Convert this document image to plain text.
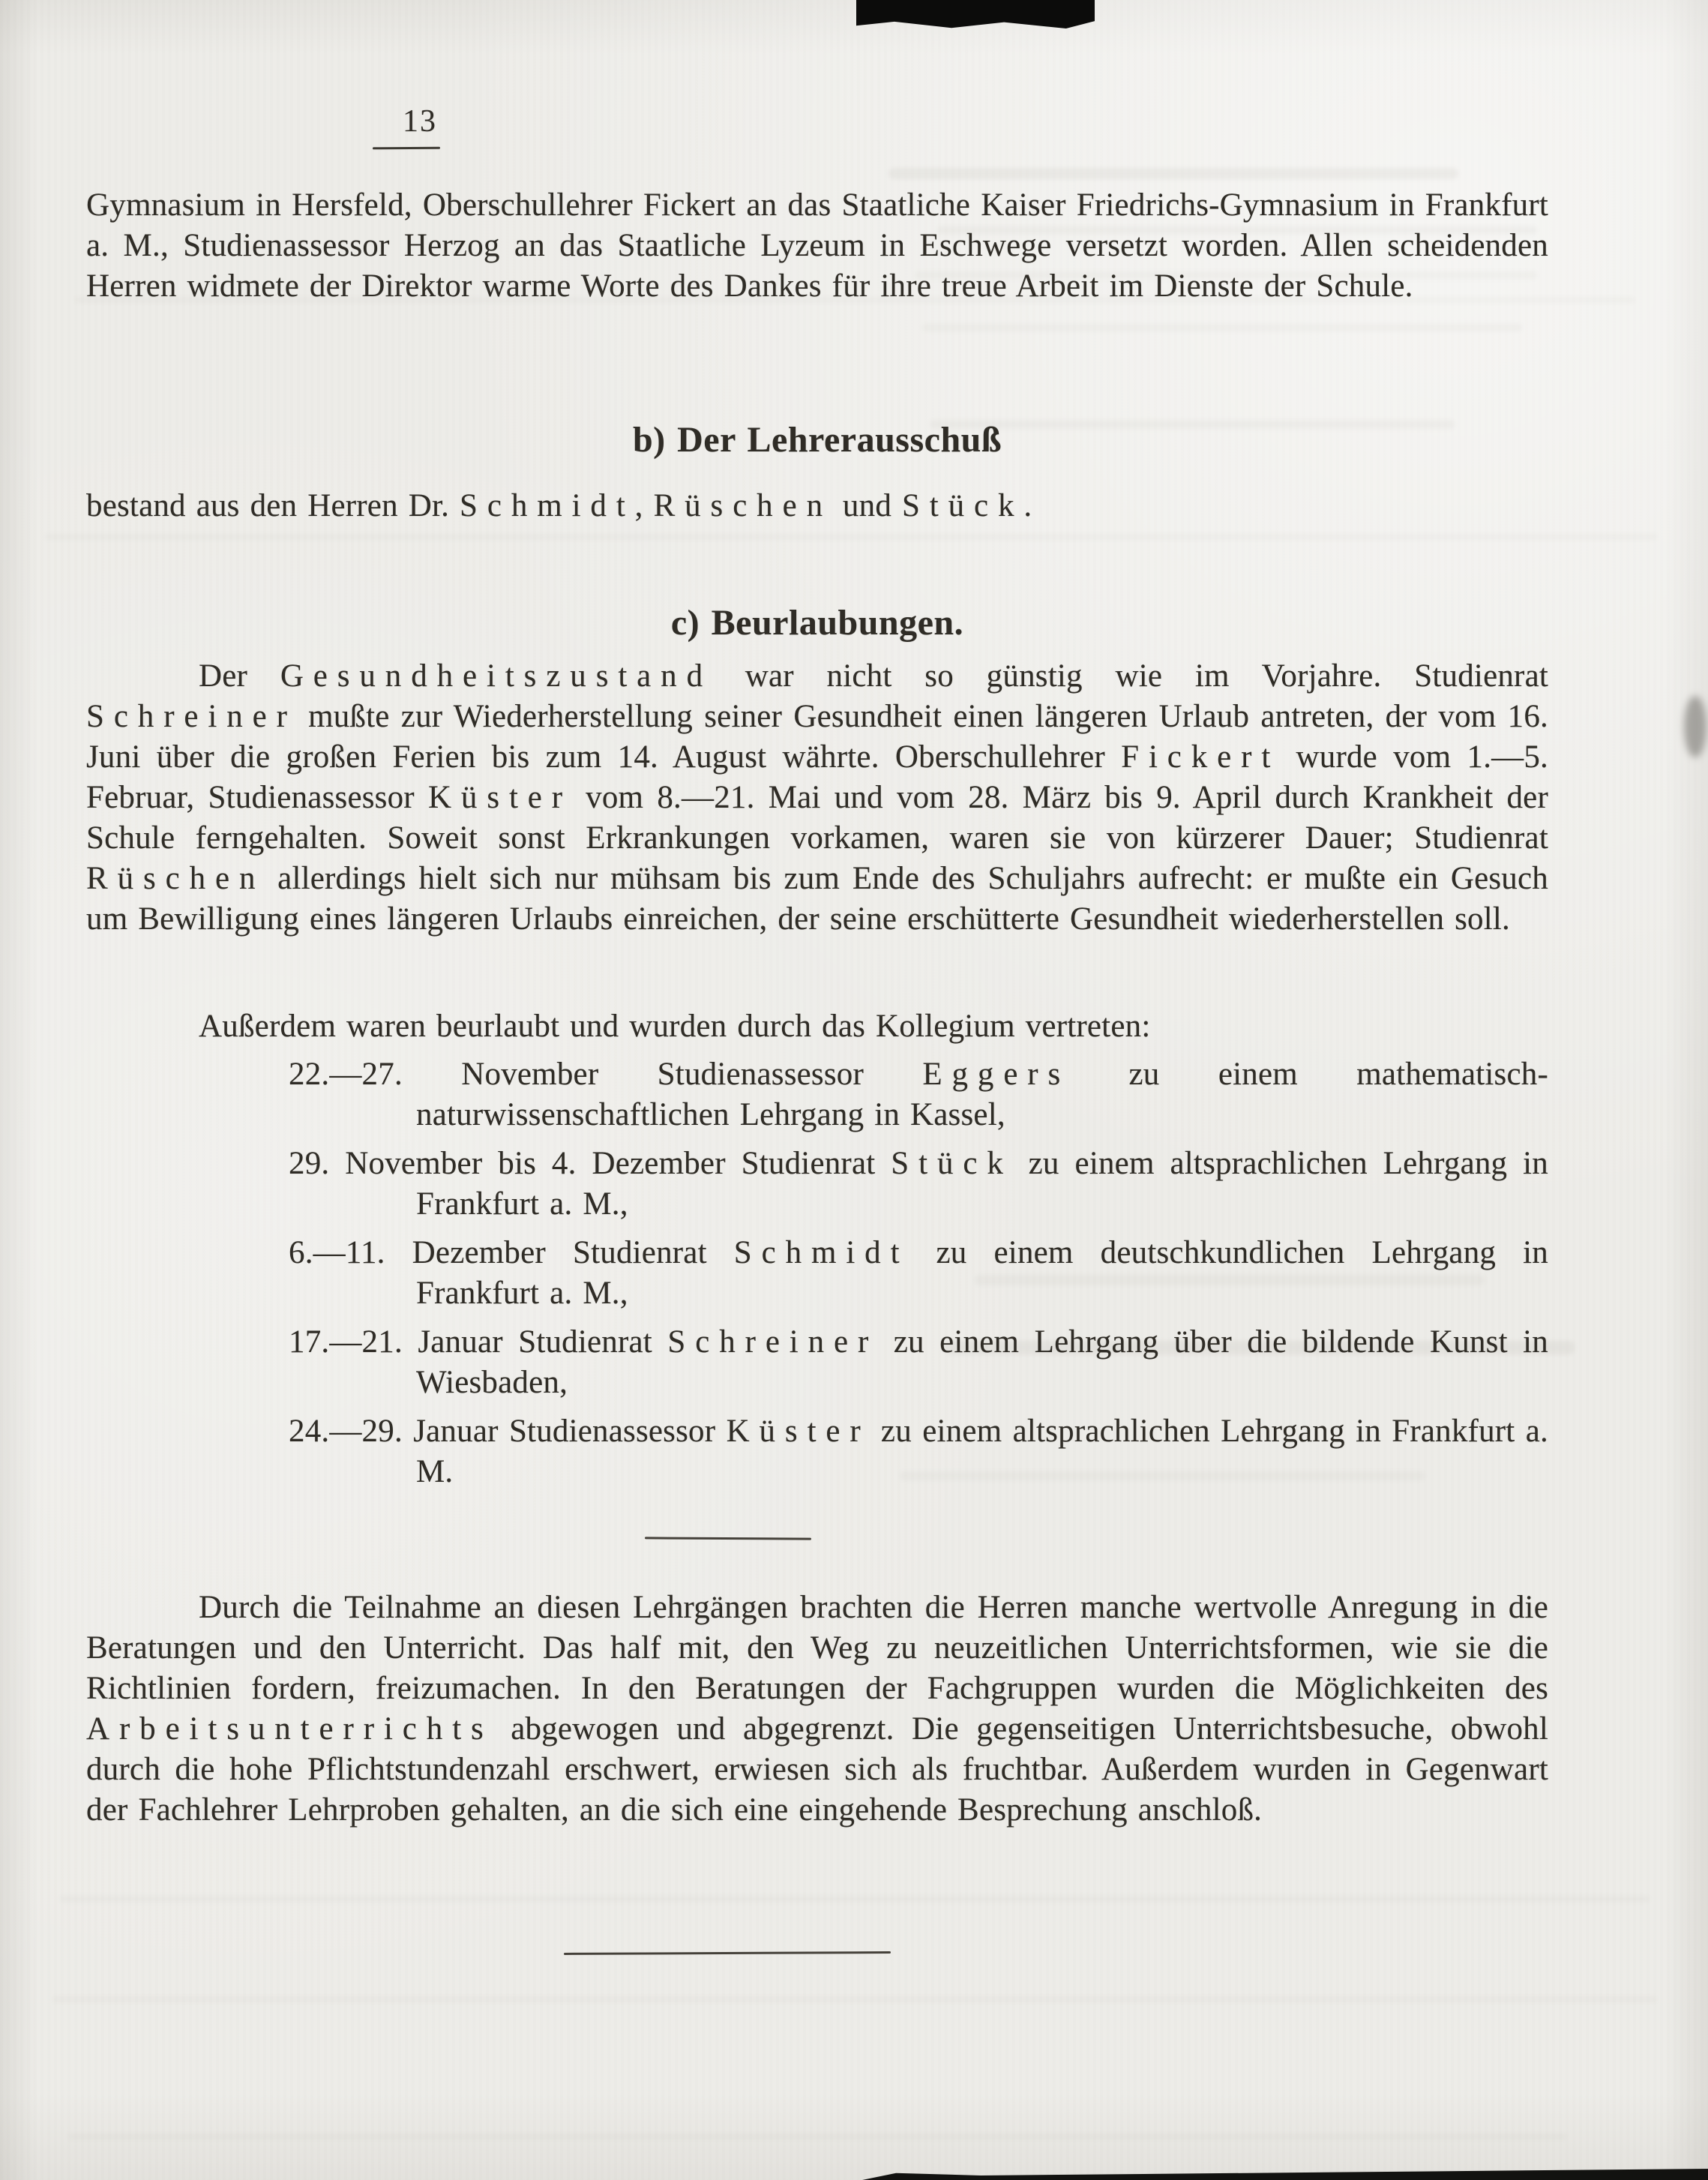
13
Gymnasium in Hersfeld, Oberschullehrer Fickert an das Staatliche Kaiser Friedrichs-Gymnasium in Frankfurt a. M., Studienassessor Herzog an das Staatliche Lyzeum in Eschwege versetzt worden. Allen scheidenden Herren widmete der Direktor warme Worte des Dankes für ihre treue Arbeit im Dienste der Schule.
b) Der Lehrerausschuß
bestand aus den Herren Dr. Schmidt, Rüschen und Stück.
c) Beurlaubungen.
Der Gesundheitszustand war nicht so günstig wie im Vorjahre. Studienrat Schreiner mußte zur Wiederherstellung seiner Gesundheit einen längeren Urlaub antreten, der vom 16. Juni über die großen Ferien bis zum 14. August währte. Oberschullehrer Fickert wurde vom 1.—5. Februar, Studienassessor Küster vom 8.—21. Mai und vom 28. März bis 9. April durch Krankheit der Schule ferngehalten. Soweit sonst Erkrankungen vorkamen, waren sie von kürzerer Dauer; Studienrat Rüschen allerdings hielt sich nur mühsam bis zum Ende des Schuljahrs aufrecht: er mußte ein Gesuch um Bewilligung eines längeren Urlaubs einreichen, der seine erschütterte Gesundheit wiederherstellen soll.
Außerdem waren beurlaubt und wurden durch das Kollegium vertreten:
22.—27. November Studienassessor Eggers zu einem mathematisch-naturwissenschaftlichen Lehrgang in Kassel,
29. November bis 4. Dezember Studienrat Stück zu einem altsprachlichen Lehrgang in Frankfurt a. M.,
6.—11. Dezember Studienrat Schmidt zu einem deutschkundlichen Lehrgang in Frankfurt a. M.,
17.—21. Januar Studienrat Schreiner zu einem Lehrgang über die bildende Kunst in Wiesbaden,
24.—29. Januar Studienassessor Küster zu einem altsprachlichen Lehrgang in Frankfurt a. M.
Durch die Teilnahme an diesen Lehrgängen brachten die Herren manche wertvolle Anregung in die Beratungen und den Unterricht. Das half mit, den Weg zu neuzeitlichen Unterrichtsformen, wie sie die Richtlinien fordern, freizumachen. In den Beratungen der Fachgruppen wurden die Möglichkeiten des Arbeitsunterrichts abgewogen und abgegrenzt. Die gegenseitigen Unterrichtsbesuche, obwohl durch die hohe Pflichtstundenzahl erschwert, erwiesen sich als fruchtbar. Außerdem wurden in Gegenwart der Fachlehrer Lehrproben gehalten, an die sich eine eingehende Besprechung anschloß.
